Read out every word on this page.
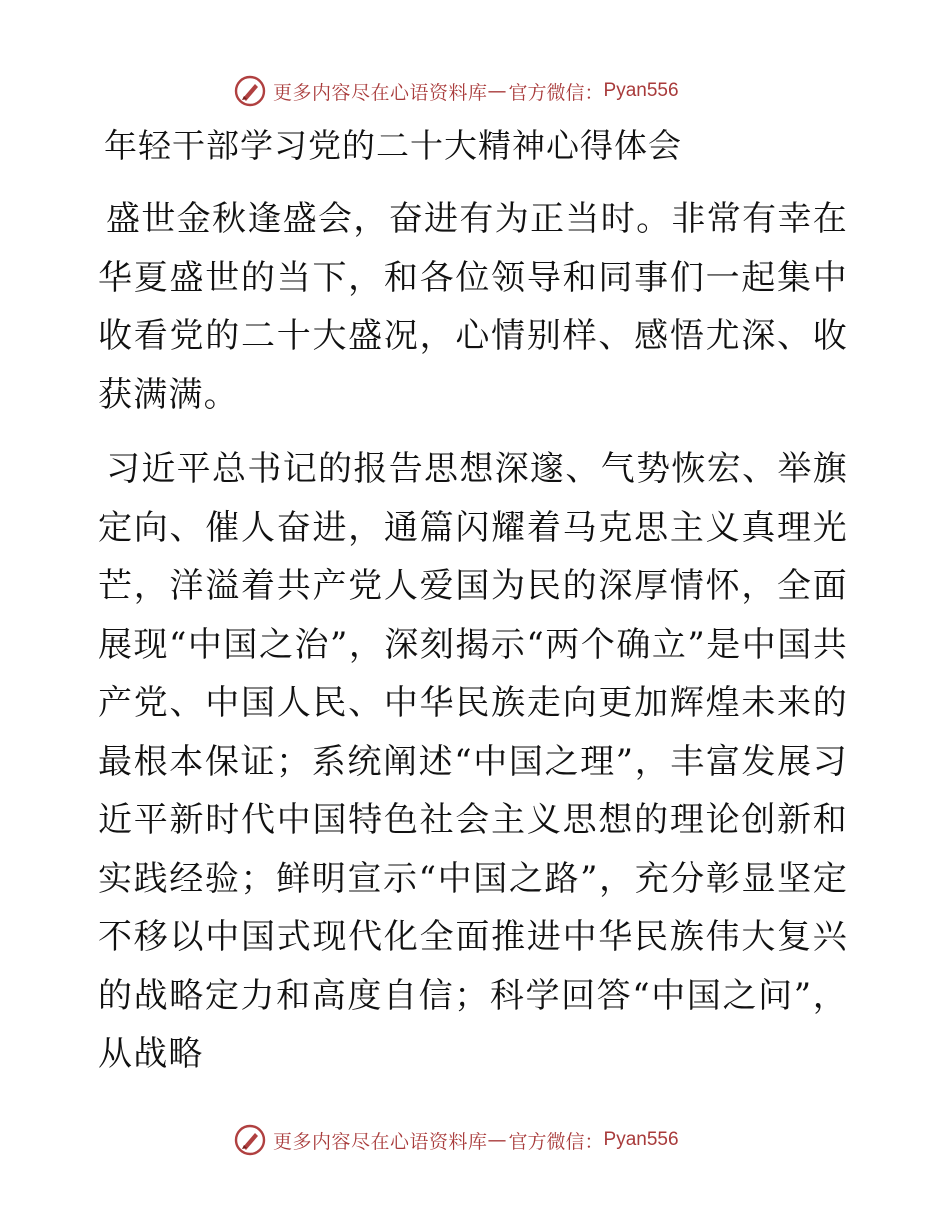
更多内容尽在心语资料库 — 官方微信： Pyan556
年轻干部学习党的二十大精神心得体会

盛世金秋逢盛会，奋进有为正当时。非常有幸在华夏盛世的当下，和各位领导和同事们一起集中收看党的二十大盛况，心情别样、感悟尤深、收获满满。

习近平总书记的报告思想深邃、气势恢宏、举旗定向、催人奋进，通篇闪耀着马克思主义真理光芒，洋溢着共产党人爱国为民的深厚情怀，全面展现“中国之治”，深刻揭示“两个确立”是中国共产党、中国人民、中华民族走向更加辉煌未来的最根本保证；系统阐述“中国之理”，丰富发展习近平新时代中国特色社会主义思想的理论创新和实践经验；鲜明宣示“中国之路”，充分彰显坚定不移以中国式现代化全面推进中华民族伟大复兴的战略定力和高度自信；科学回答“中国之问”，从战略

更多内容尽在心语资料库 — 官方微信： Pyan556
